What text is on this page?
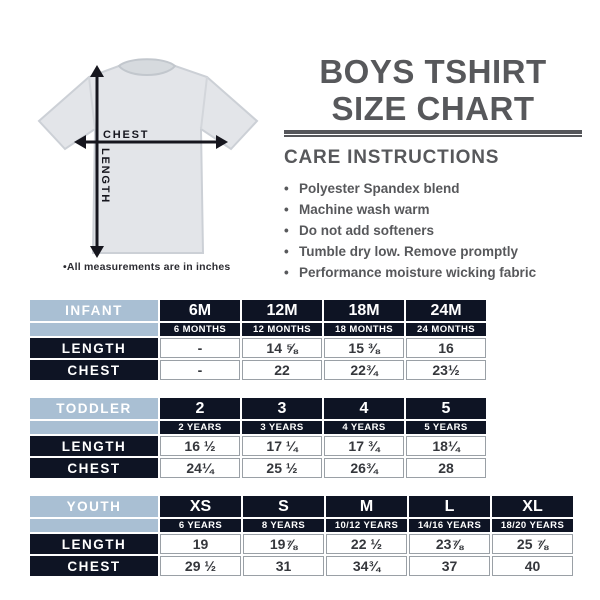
CHEST
LENGTH
•All measurements are in inches
BOYS TSHIRT
SIZE CHART
CARE INSTRUCTIONS
• Polyester Spandex blend
• Machine wash warm
• Do not add softeners
• Tumble dry low. Remove promptly
• Performance moisture wicking fabric
INFANT	6M	12M	18M	24M
	6 MONTHS	12 MONTHS	18 MONTHS	24 MONTHS
LENGTH	-	14 ⅝	15 ⅜	16
CHEST	-	22	22¾	23½
TODDLER	2	3	4	5
	2 YEARS	3 YEARS	4 YEARS	5 YEARS
LENGTH	16 ½	17 ¼	17 ¾	18¼
CHEST	24¼	25 ½	26¾	28
YOUTH	XS	S	M	L	XL
	6 YEARS	8 YEARS	10/12 YEARS	14/16 YEARS	18/20 YEARS
LENGTH	19	19⅞	22 ½	23⅞	25 ⅞
CHEST	29 ½	31	34¾	37	40
